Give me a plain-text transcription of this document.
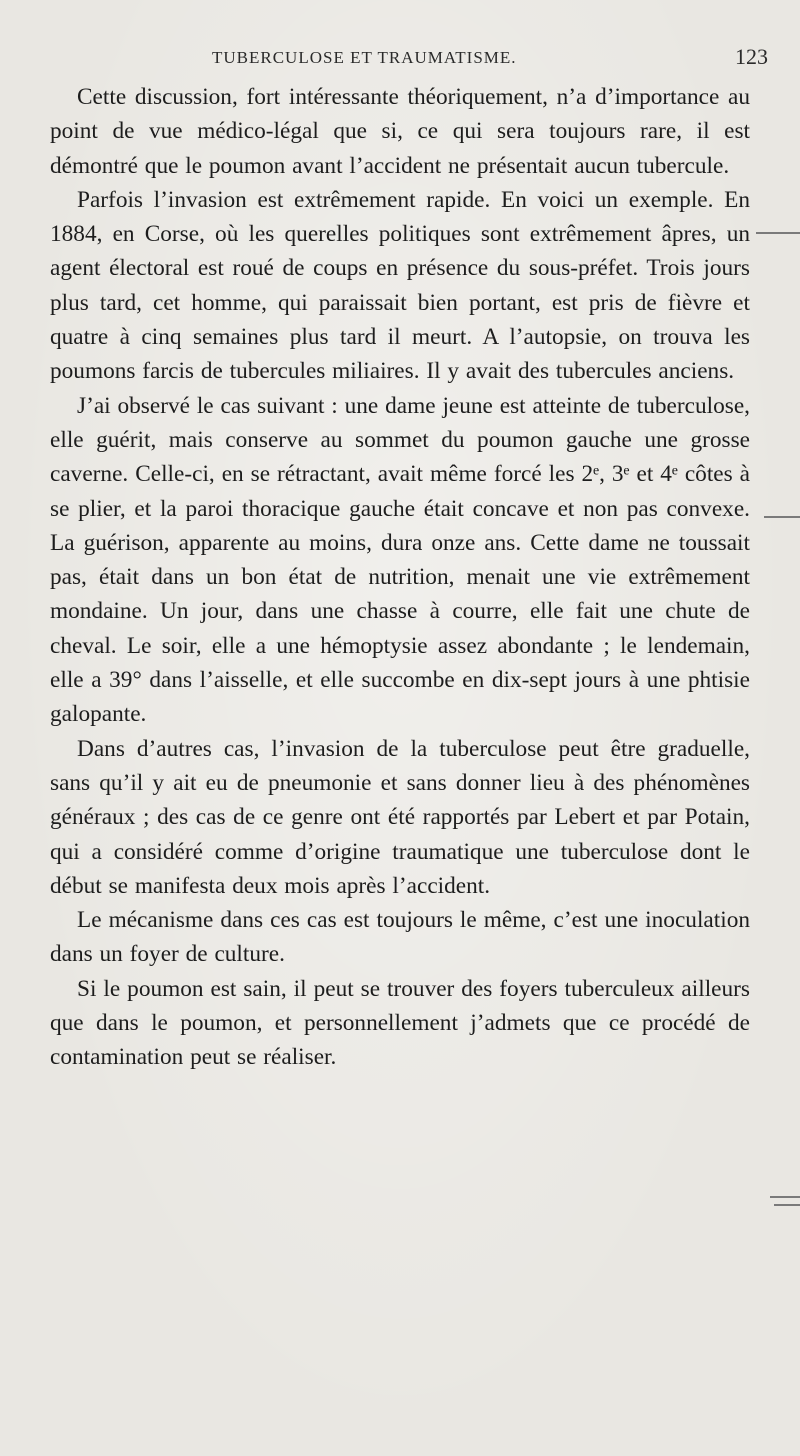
TUBERCULOSE ET TRAUMATISME.	123

Cette discussion, fort intéressante théoriquement, n’a d’importance au point de vue médico-légal que si, ce qui sera toujours rare, il est démontré que le poumon avant l’accident ne présentait aucun tubercule.

Parfois l’invasion est extrêmement rapide. En voici un exemple. En 1884, en Corse, où les querelles politiques sont extrêmement âpres, un agent électoral est roué de coups en présence du sous-préfet. Trois jours plus tard, cet homme, qui paraissait bien portant, est pris de fièvre et quatre à cinq semaines plus tard il meurt. A l’autopsie, on trouva les poumons farcis de tubercules miliaires. Il y avait des tubercules anciens.

J’ai observé le cas suivant : une dame jeune est atteinte de tuberculose, elle guérit, mais conserve au sommet du poumon gauche une grosse caverne. Celle-ci, en se rétractant, avait même forcé les 2ᵉ, 3ᵉ et 4ᵉ côtes à se plier, et la paroi thoracique gauche était concave et non pas convexe. La guérison, apparente au moins, dura onze ans. Cette dame ne toussait pas, était dans un bon état de nutrition, menait une vie extrêmement mondaine. Un jour, dans une chasse à courre, elle fait une chute de cheval. Le soir, elle a une hémoptysie assez abondante ; le lendemain, elle a 39° dans l’aisselle, et elle succombe en dix-sept jours à une phtisie galopante.

Dans d’autres cas, l’invasion de la tuberculose peut être graduelle, sans qu’il y ait eu de pneumonie et sans donner lieu à des phénomènes généraux ; des cas de ce genre ont été rapportés par Lebert et par Potain, qui a considéré comme d’origine traumatique une tuberculose dont le début se manifesta deux mois après l’accident.

Le mécanisme dans ces cas est toujours le même, c’est une inoculation dans un foyer de culture.

Si le poumon est sain, il peut se trouver des foyers tuberculeux ailleurs que dans le poumon, et personnellement j’admets que ce procédé de contamination peut se réaliser.
